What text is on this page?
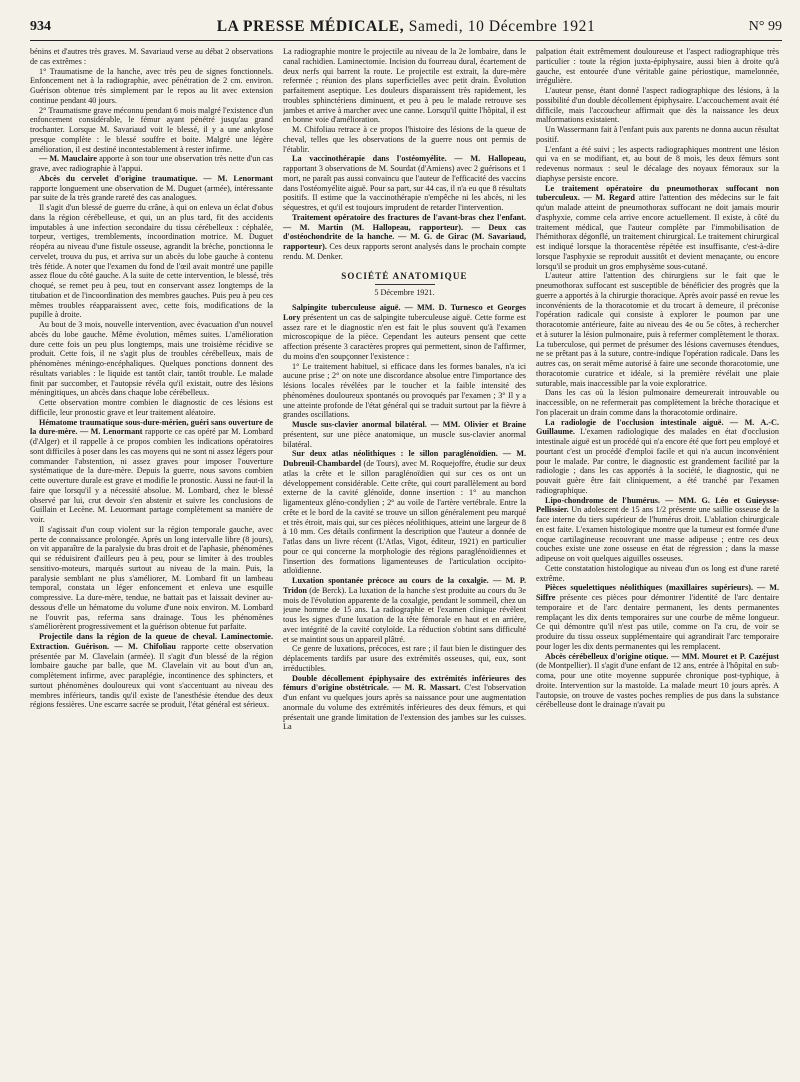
934	LA PRESSE MÉDICALE, Samedi, 10 Décembre 1921	N° 99

bénins et d'autres très graves. M. Savariaud verse au débat 2 observations de cas extrêmes :

1° Traumatisme de la hanche, avec très peu de signes fonctionnels. Enfoncement net à la radiographie, avec pénétration de 2 cm. environ. Guérison obtenue très simplement par le repos au lit avec extension continue pendant 40 jours.

2° Traumatisme grave méconnu pendant 6 mois malgré l'existence d'un enfoncement considérable, le fémur ayant pénétré jusqu'au grand trochanter. Lorsque M. Savariaud voit le blessé, il y a une ankylose presque complète : le blessé souffre et boite. Malgré une légère amélioration, il est destiné incontestablement à rester infirme.

— M. Mauclaire apporte à son tour une observation très nette d'un cas grave, avec radiographie à l'appui.

Abcès du cervelet d'origine traumatique. — M. Lenormant rapporte longuement une observation de M. Duguet (armée), intéressante par suite de la très grande rareté des cas analogues.

Il s'agit d'un blessé de guerre du crâne, à qui on enleva un éclat d'obus dans la région cérébelleuse, et qui, un an plus tard, fit des accidents imputables à une infection secondaire du tissu cérébelleux : céphalée, torpeur, vertiges, tremblements, incoordination motrice. M. Duguet réopéra au niveau d'une fistule osseuse, agrandit la brèche, ponctionna le cervelet, trouva du pus, et arriva sur un abcès du lobe gauche à contenu très fétide. A noter que l'examen du fond de l'œil avait montré une papille assez floue du côté gauche. A la suite de cette intervention, le blessé, très choqué, se remet peu à peu, tout en conservant assez longtemps de la titubation et de l'incoordination des membres gauches. Puis peu à peu ces mêmes troubles réapparaissent avec, cette fois, modifications de la pupille à droite.

Au bout de 3 mois, nouvelle intervention, avec évacuation d'un nouvel abcès du lobe gauche. Même évolution, mêmes suites. L'amélioration dure cette fois un peu plus longtemps, mais une troisième récidive se produit. Cette fois, il ne s'agit plus de troubles cérébelleux, mais de phénomènes méningo-encéphaliques. Quelques ponctions donnent des résultats variables : le liquide est tantôt clair, tantôt trouble. Le malade finit par succomber, et l'autopsie révéla qu'il existait, outre des lésions méningitiques, un abcès dans chaque lobe cérébelleux.

Cette observation montre combien le diagnostic de ces lésions est difficile, leur pronostic grave et leur traitement aléatoire.

Hématome traumatique sous-dure-mérien, guéri sans ouverture de la dure-mère. — M. Lenormant rapporte ce cas opéré par M. Lombard (d'Alger) et il rappelle à ce propos combien les indications opératoires sont difficiles à poser dans les cas moyens qui ne sont ni assez légers pour commander l'abstention, ni assez graves pour imposer l'ouverture systématique de la dure-mère. Depuis la guerre, nous savons combien cette ouverture durale est grave et modifie le pronostic. Aussi ne faut-il la faire que lorsqu'il y a nécessité absolue. M. Lombard, chez le blessé observé par lui, crut devoir s'en abstenir et suivre les conclusions de Guillain et Lecène. M. Leuormant partage complètement sa manière de voir.

Il s'agissait d'un coup violent sur la région temporale gauche, avec perte de connaissance prolongée. Après un long intervalle libre (8 jours), on vit apparaître de la paralysie du bras droit et de l'aphasie, phénomènes qui se réduisirent d'ailleurs peu à peu, pour se limiter à des troubles sensitivo-moteurs, marqués surtout au niveau de la main. Puis, la paralysie semblant ne plus s'améliorer, M. Lombard fit un lambeau temporal, constata un léger enfoncement et enleva une esquille compressive. La dure-mère, tendue, ne battait pas et laissait deviner au-dessous d'elle un hématome du volume d'une noix environ. M. Lombard ne l'ouvrit pas, referma sans drainage. Tous les phénomènes s'améliorèrent progressivement et la guérison obtenue fut parfaite.

Projectile dans la région de la queue de cheval. Laminectomie. Extraction. Guérison. — M. Chifoliau rapporte cette observation présentée par M. Clavelain (armée). Il s'agit d'un blessé de la région lombaire gauche par balle, que M. Clavelain vit au bout d'un an, complètement infirme, avec paraplégie, incontinence des sphincters, et surtout phénomènes douloureux qui vont s'accentuant au niveau des membres inférieurs, tandis qu'il existe de l'anesthésie étendue des deux régions fessières. Une escarre sacrée se produit, l'état général est sérieux.

La radiographie montre le projectile au niveau de la 2e lombaire, dans le canal rachidien. Laminectomie. Incision du fourreau dural, écartement de deux nerfs qui barrent la route. Le projectile est extrait, la dure-mère refermée ; réunion des plans superficielles avec petit drain. Évolution parfaitement aseptique. Les douleurs disparaissent très rapidement, les troubles sphinctériens diminuent, et peu à peu le malade retrouve ses jambes et arrive à marcher avec une canne. Lorsqu'il quitte l'hôpital, il est en bonne voie d'amélioration.

M. Chifoliau retrace à ce propos l'histoire des lésions de la queue de cheval, telles que les observations de la guerre nous ont permis de l'établir.

La vaccinothérapie dans l'ostéomyélite. — M. Hallopeau, rapportant 3 observations de M. Sourdat (d'Amiens) avec 2 guérisons et 1 mort, ne paraît pas aussi convaincu que l'auteur de l'efficacité des vaccins dans l'ostéomyélite aiguë. Pour sa part, sur 44 cas, il n'a eu que 8 résultats positifs. Il estime que la vaccinothérapie n'empêche ni les abcès, ni les séquestres, et qu'il est toujours imprudent de retarder l'intervention.

Traitement opératoire des fractures de l'avant-bras chez l'enfant. — M. Martin (M. Hallopeau, rapporteur). — Deux cas d'ostéochondrite de la hanche. — M. G. de Girac (M. Savariaud, rapporteur). Ces deux rapports seront analysés dans le prochain compte rendu. M. Denker.

SOCIÉTÉ ANATOMIQUE
5 Décembre 1921.

Salpingite tuberculeuse aiguë. — MM. D. Turnesco et Georges Lory présentent un cas de salpingite tuberculeuse aiguë. Cette forme est assez rare et le diagnostic n'en est fait le plus souvent qu'à l'examen microscopique de la pièce. Cependant les auteurs pensent que cette affection présente 3 caractères propres qui permettent, sinon de l'affirmer, du moins d'en soupçonner l'existence :

1° Le traitement habituel, si efficace dans les formes banales, n'a ici aucune prise ; 2° on note une discordance absolue entre l'importance des lésions locales révélées par le toucher et la faible intensité des phénomènes douloureux spontanés ou provoqués par l'examen ; 3° Il y a une atteinte profonde de l'état général qui se traduit surtout par la fièvre à grandes oscillations.

Muscle sus-clavier anormal bilatéral. — MM. Olivier et Braine présentent, sur une pièce anatomique, un muscle sus-clavier anormal bilatéral.

Sur deux atlas néolithiques : le sillon paraglénoïdien. — M. Dubreuil-Chambardel (de Tours), avec M. Roquejoffre, étudie sur deux atlas la crête et le sillon paraglénoïdien qui sur ces os ont un développement considérable. Cette crête, qui court parallèlement au bord externe de la cavité glénoïde, donne insertion : 1° au manchon ligamenteux gléno-condylien ; 2° au voile de l'artère vertébrale. Entre la crête et le bord de la cavité se trouve un sillon généralement peu marqué et très étroit, mais qui, sur ces pièces néolithiques, atteint une largeur de 8 à 10 mm. Ces détails confirment la description que l'auteur a donnée de l'atlas dans un livre récent (L'Atlas, Vigot, éditeur, 1921) en particulier pour ce qui concerne la morphologie des régions paraglénoïdiennes et l'insertion des formations ligamenteuses de l'articulation occipito-atloïdienne.

Luxation spontanée précoce au cours de la coxalgie. — M. P. Tridon (de Berck). La luxation de la hanche s'est produite au cours du 3e mois de l'évolution apparente de la coxalgie, pendant le sommeil, chez un jeune homme de 15 ans. La radiographie et l'examen clinique révèlent tous les signes d'une luxation de la tête fémorale en haut et en arrière, avec intégrité de la cavité cotyloïde. La réduction s'obtint sans difficulté et se maintint sous un appareil plâtré.

Ce genre de luxations, précoces, est rare ; il faut bien le distinguer des déplacements tardifs par usure des extrémités osseuses, qui, eux, sont irréductibles.

Double décollement épiphysaire des extrémités inférieures des fémurs d'origine obstétricale. — M. R. Massart. C'est l'observation d'un enfant vu quelques jours après sa naissance pour une augmentation anormale du volume des extrémités inférieures des deux fémurs, et qui présentait une grande limitation de l'extension des jambes sur les cuisses. La

palpation était extrêmement douloureuse et l'aspect radiographique très particulier : toute la région juxta-épiphysaire, aussi bien à droite qu'à gauche, est entourée d'une véritable gaine périostique, mamelonnée, irrégulière.

L'auteur pense, étant donné l'aspect radiographique des lésions, à la possibilité d'un double décollement épiphysaire. L'accouchement avait été difficile, mais l'accoucheur affirmait que dès la naissance les deux malformations existaient.

Un Wassermann fait à l'enfant puis aux parents ne donna aucun résultat positif.

L'enfant a été suivi ; les aspects radiographiques montrent une lésion qui va en se modifiant, et, au bout de 8 mois, les deux fémurs sont redevenus normaux : seul le décalage des noyaux fémoraux sur la diaphyse persiste encore.

Le traitement opératoire du pneumothorax suffocant non tuberculeux. — M. Regard attire l'attention des médecins sur le fait qu'un malade atteint de pneumothorax suffocant ne doit jamais mourir d'asphyxie, comme cela arrive encore actuellement. Il existe, à côté du traitement médical, que l'auteur complète par l'immobilisation de l'hémithorax dégonflé, un traitement chirurgical. Le traitement chirurgical est indiqué lorsque la thoracentèse répétée est insuffisante, c'est-à-dire lorsque l'asphyxie se reproduit aussitôt et devient menaçante, ou encore lorsqu'il se produit un gros emphysème sous-cutané.

L'auteur attire l'attention des chirurgiens sur le fait que le pneumothorax suffocant est susceptible de bénéficier des progrès que la guerre a apportés à la chirurgie thoracique. Après avoir passé en revue les inconvénients de la thoracotomie et du trocart à demeure, il préconise l'opération radicale qui consiste à explorer le poumon par une thoracotomie antérieure, faite au niveau des 4e ou 5e côtes, à rechercher et à suturer la lésion pulmonaire, puis à refermer complètement le thorax. La tuberculose, qui permet de présumer des lésions cavernuses étendues, ne se prêtant pas à la suture, contre-indique l'opération radicale. Dans les autres cas, on serait même autorisé à faire une seconde thoracotomie, une thoracotomie curatrice et idéale, si la première révélait une plaie suturable, mais inaccessible par la voie exploratrice.

Dans les cas où la lésion pulmonaire demeurerait introuvable ou inaccessible, on ne refermerait pas complètement la brèche thoracique et l'on placerait un drain comme dans la thoracotomie ordinaire.

La radiologie de l'occlusion intestinale aiguë. — M. A.-C. Guillaume. L'examen radiologique des malades en état d'occlusion intestinale aiguë est un procédé qui n'a encore été que fort peu employé et pourtant c'est un procédé d'emploi facile et qui n'a aucun inconvénient pour le malade. Par contre, le diagnostic est grandement facilité par la radiologie ; dans les cas apportés à la société, le diagnostic, qui ne pouvait guère être fait cliniquement, a été tranché par l'examen radiographique.

Lipo-chondrome de l'humérus. — MM. G. Léo et Guieysse-Pellissier. Un adolescent de 15 ans 1/2 présente une saillie osseuse de la face interne du tiers supérieur de l'humérus droit. L'ablation chirurgicale en est faite. L'examen histologique montre que la tumeur est formée d'une coque cartilagineuse recouvrant une masse adipeuse ; entre ces deux couches existe une zone osseuse en état de régression ; dans la masse adipeuse on voit quelques aiguilles osseuses.

Cette constatation histologique au niveau d'un os long est d'une rareté extrême.

Pièces squelettiques néolithiques (maxillaires supérieurs). — M. Siffre présente ces pièces pour démontrer l'identité de l'arc dentaire temporaire et de l'arc dentaire permanent, les dents permanentes remplaçant les dix dents temporaires sur une courbe de même longueur. Ce qui démontre qu'il n'est pas utile, comme on l'a cru, de voir se produire du tissu osseux supplémentaire qui agrandirait l'arc temporaire pour loger les dix dents permanentes qui les remplacent.

Abcès cérébelleux d'origine otique. — MM. Mouret et P. Cazéjust (de Montpellier). Il s'agit d'une enfant de 12 ans, entrée à l'hôpital en sub-coma, pour une otite moyenne suppurée chronique post-typhique, à droite. Intervention sur la mastoïde. La malade meurt 10 jours après. A l'autopsie, on trouve de vastes poches remplies de pus dans la substance cérébelleuse dont le drainage n'avait pu
